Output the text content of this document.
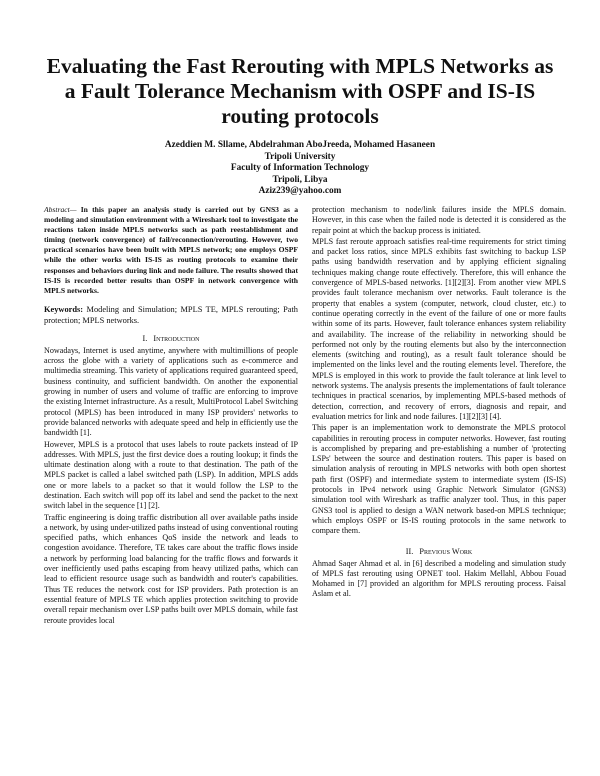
Evaluating the Fast Rerouting with MPLS Networks as a Fault Tolerance Mechanism with OSPF and IS-IS routing protocols
Azeddien M. Sllame, Abdelrahman AboJreeda, Mohamed Hasaneen
Tripoli University
Faculty of Information Technology
Tripoli, Libya
Aziz239@yahoo.com

Abstract— In this paper an analysis study is carried out by GNS3 as a modeling and simulation environment with a Wireshark tool to investigate the reactions taken inside MPLS networks such as path reestablishment and timing (network convergence) of fail/reconnection/rerouting. However, two practical scenarios have been built with MPLS network; one employs OSPF while the other works with IS-IS as routing protocols to examine their responses and behaviors during link and node failure. The results showed that IS-IS is recorded better results than OSPF in network convergence with MPLS networks.

Keywords: Modeling and Simulation; MPLS TE, MPLS rerouting; Path protection; MPLS networks.

I. Introduction

Nowadays, Internet is used anytime, anywhere with multimillions of people across the globe with a variety of applications such as e-commerce and multimedia streaming. This variety of applications required guaranteed speed, business continuity, and sufficient bandwidth. On another the exponential growing in number of users and volume of traffic are enforcing to improve the existing Internet infrastructure. As a result, MultiProtocol Label Switching protocol (MPLS) has been introduced in many ISP providers' networks to provide balanced networks with adequate speed and help in efficiently use the bandwidth [1].

However, MPLS is a protocol that uses labels to route packets instead of IP addresses. With MPLS, just the first device does a routing lookup; it finds the ultimate destination along with a route to that destination. The path of the MPLS packet is called a label switched path (LSP). In addition, MPLS adds one or more labels to a packet so that it would follow the LSP to the destination. Each switch will pop off its label and send the packet to the next switch label in the sequence [1] [2].

Traffic engineering is doing traffic distribution all over available paths inside a network, by using under-utilized paths instead of using conventional routing specified paths, which enhances QoS inside the network and leads to congestion avoidance. Therefore, TE takes care about the traffic flows inside a network by performing load balancing for the traffic flows and forwards it over inefficiently used paths escaping from heavy utilized paths, which can lead to efficient resource usage such as bandwidth and router's capabilities. Thus TE reduces the network cost for ISP providers. Path protection is an essential feature of MPLS TE which applies protection switching to provide overall repair mechanism over LSP paths built over MPLS domain, while fast reroute provides local

protection mechanism to node/link failures inside the MPLS domain. However, in this case when the failed node is detected it is considered as the repair point at which the backup process is initiated.

MPLS fast reroute approach satisfies real-time requirements for strict timing and packet loss ratios, since MPLS exhibits fast switching to backup LSP paths using bandwidth reservation and by applying efficient signaling techniques making change route effectively. Therefore, this will enhance the convergence of MPLS-based networks. [1][2][3]. From another view MPLS provides fault tolerance mechanism over networks. Fault tolerance is the property that enables a system (computer, network, cloud cluster, etc.) to continue operating correctly in the event of the failure of one or more faults within some of its parts. However, fault tolerance enhances system reliability and availability. The increase of the reliability in networking should be performed not only by the routing elements but also by the interconnection elements (switching and routing), as a result fault tolerance should be implemented on the links level and the routing elements level. Therefore, the MPLS is employed in this work to provide the fault tolerance at link level to network systems. The analysis presents the implementations of fault tolerance techniques in practical scenarios, by implementing MPLS-based methods of detection, correction, and recovery of errors, diagnosis and repair, and evaluation metrics for link and node failures. [1][2][3] [4].

This paper is an implementation work to demonstrate the MPLS protocol capabilities in rerouting process in computer networks. However, fast routing is accomplished by preparing and pre-establishing a number of 'protecting LSPs' between the source and destination routers. This paper is based on simulation analysis of rerouting in MPLS networks with both open shortest path first (OSPF) and intermediate system to intermediate system (IS-IS) protocols in IPv4 network using Graphic Network Simulator (GNS3) simulation tool with Wireshark as traffic analyzer tool. Thus, in this paper GNS3 tool is applied to design a WAN network based-on MPLS technique; which employs OSPF or IS-IS routing protocols in the same network to compare them.

II. Previous Work

Ahmad Saqer Ahmad et al. in [6] described a modeling and simulation study of MPLS fast rerouting using OPNET tool. Hakim Mellahl, Abbou Fouad Mohamed in [7] provided an algorithm for MPLS rerouting process. Faisal Aslam et al.
